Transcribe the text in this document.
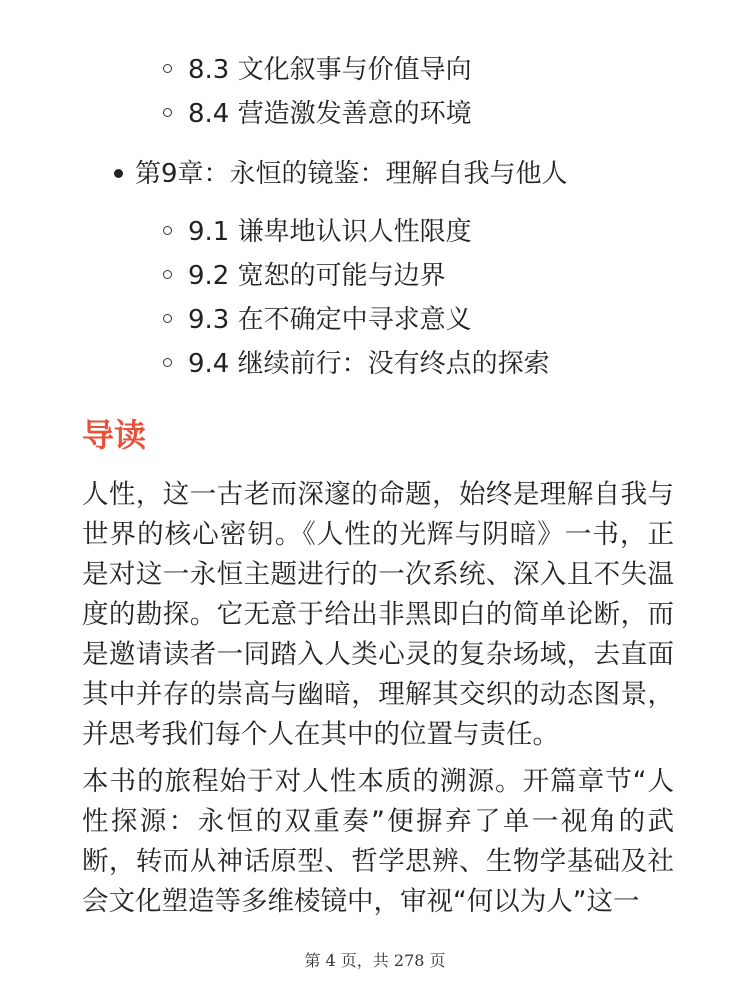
8.3 文化叙事与价值导向
8.4 营造激发善意的环境
第9章：永恒的镜鉴：理解自我与他人
9.1 谦卑地认识人性限度
9.2 宽恕的可能与边界
9.3 在不确定中寻求意义
9.4 继续前行：没有终点的探索
导读

人性，这一古老而深邃的命题，始终是理解自我与世界的核心密钥。《人性的光辉与阴暗》一书，正是对这一永恒主题进行的一次系统、深入且不失温度的勘探。它无意于给出非黑即白的简单论断，而是邀请读者一同踏入人类心灵的复杂场域，去直面其中并存的崇高与幽暗，理解其交织的动态图景，并思考我们每个人在其中的位置与责任。

本书的旅程始于对人性本质的溯源。开篇章节“人性探源：永恒的双重奏”便摒弃了单一视角的武断，转而从神话原型、哲学思辨、生物学基础及社会文化塑造等多维棱镜中，审视“何以为人”这一

第 4 页，共 278 页
